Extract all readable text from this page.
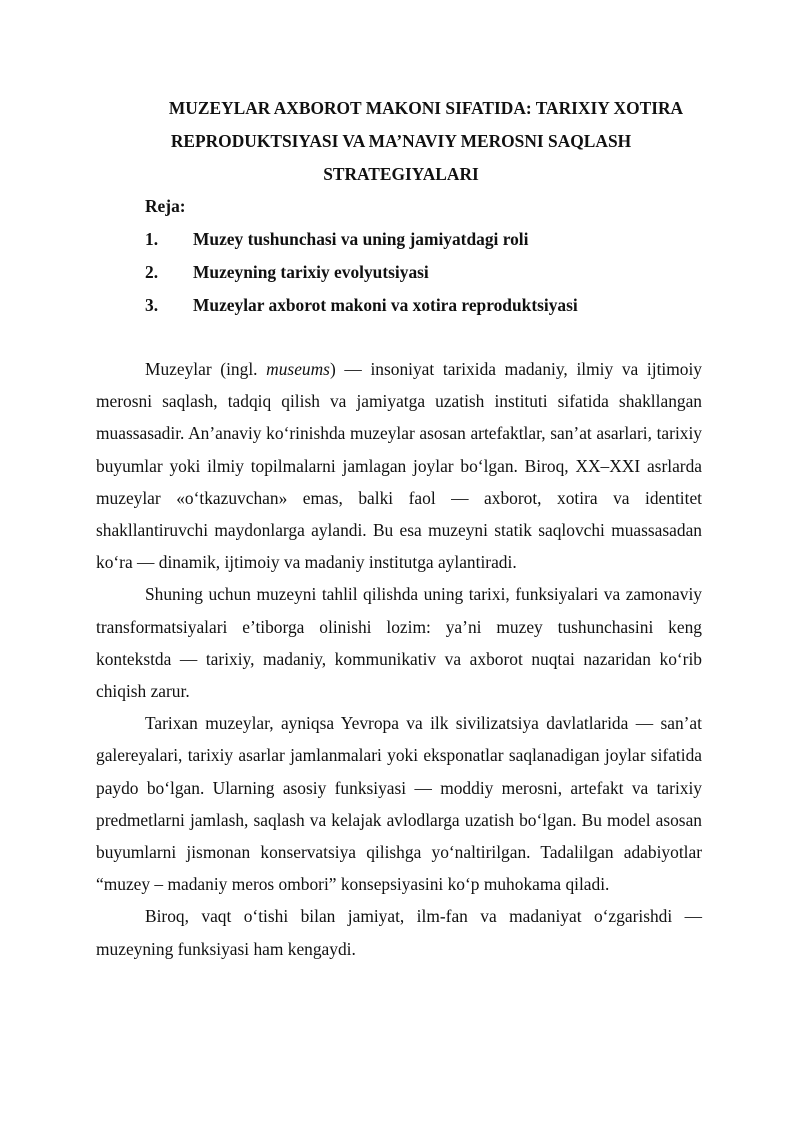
MUZEYLAR AXBOROT MAKONI SIFATIDA: TARIXIY XOTIRA REPRODUKTSIYASI VA MA’NAVIY MEROSNI SAQLASH STRATEGIYALARI
Reja:
1.	Muzey tushunchasi va uning jamiyatdagi roli
2.	Muzeyning tarixiy evolyutsiyasi
3.	Muzeylar axborot makoni va xotira reproduktsiyasi

Muzeylar (ingl. museums) — insoniyat tarixida madaniy, ilmiy va ijtimoiy merosni saqlash, tadqiq qilish va jamiyatga uzatish instituti sifatida shakllangan muassasadir. An’anaviy ko‘rinishda muzeylar asosan artefaktlar, san’at asarlari, tarixiy buyumlar yoki ilmiy topilmalarni jamlagan joylar bo‘lgan. Biroq, XX–XXI asrlarda muzeylar «o‘tkazuvchan» emas, balki faol — axborot, xotira va identitet shakllantiruvchi maydonlarga aylandi. Bu esa muzeyni statik saqlovchi muassasadan ko‘ra — dinamik, ijtimoiy va madaniy institutga aylantiradi.

Shuning uchun muzeyni tahlil qilishda uning tarixi, funksiyalari va zamonaviy transformatsiyalari e’tiborga olinishi lozim: ya’ni muzey tushunchasini keng kontekstda — tarixiy, madaniy, kommunikativ va axborot nuqtai nazaridan ko‘rib chiqish zarur.

Tarixan muzeylar, ayniqsa Yevropa va ilk sivilizatsiya davlatlarida — san’at galereyalari, tarixiy asarlar jamlanmalari yoki eksponatlar saqlanadigan joylar sifatida paydo bo‘lgan. Ularning asosiy funksiyasi — moddiy merosni, artefakt va tarixiy predmetlarni jamlash, saqlash va kelajak avlodlarga uzatish bo‘lgan. Bu model asosan buyumlarni jismonan konservatsiya qilishga yo‘naltirilgan. Tadalilgan adabiyotlar “muzey – madaniy meros ombori” konsepsiyasini ko‘p muhokama qiladi.

Biroq, vaqt o‘tishi bilan jamiyat, ilm-fan va madaniyat o‘zgarishdi — muzeyning funksiyasi ham kengaydi.
